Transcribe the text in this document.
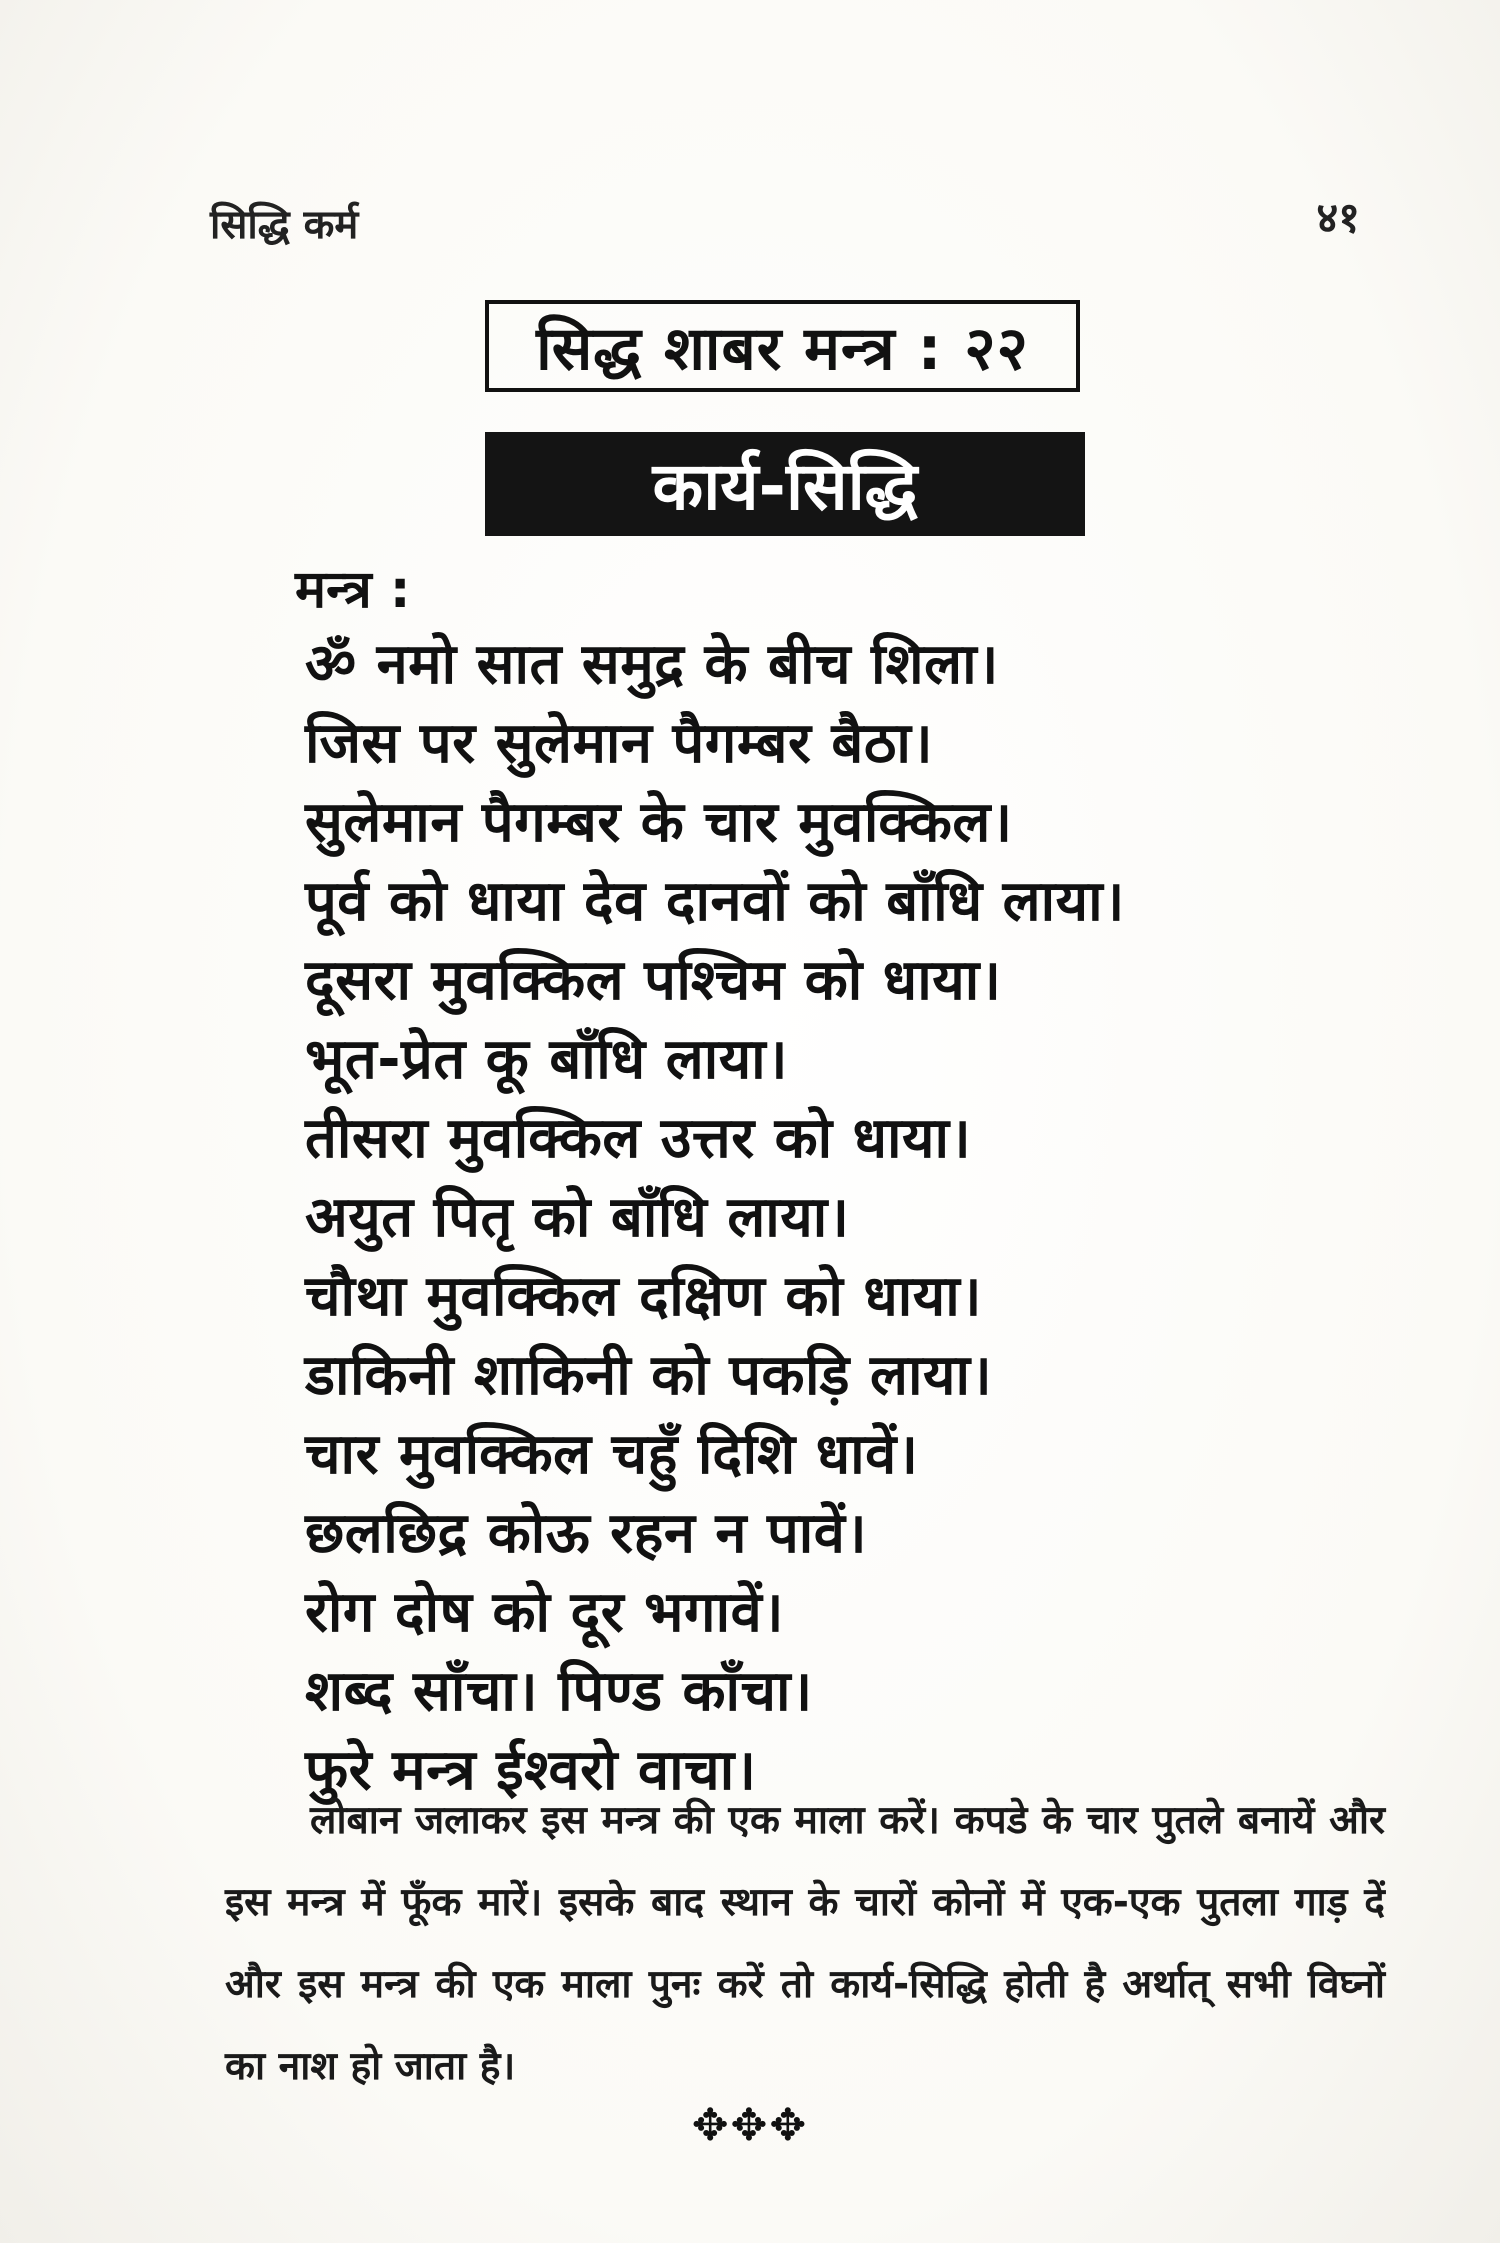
सिद्धि कर्म	४१
सिद्ध शाबर मन्त्र : २२
कार्य-सिद्धि
मन्त्र :
ॐ नमो सात समुद्र के बीच शिला।
जिस पर सुलेमान पैगम्बर बैठा।
सुलेमान पैगम्बर के चार मुवक्किल।
पूर्व को धाया देव दानवों को बाँधि लाया।
दूसरा मुवक्किल पश्चिम को धाया।
भूत-प्रेत कू बाँधि लाया।
तीसरा मुवक्किल उत्तर को धाया।
अयुत पितृ को बाँधि लाया।
चौथा मुवक्किल दक्षिण को धाया।
डाकिनी शाकिनी को पकड़ि लाया।
चार मुवक्किल चहुँ दिशि धावें।
छलछिद्र कोऊ रहन न पावें।
रोग दोष को दूर भगावें।
शब्द साँचा। पिण्ड काँचा।
फुरे मन्त्र ईश्वरो वाचा।

लोबान जलाकर इस मन्त्र की एक माला करें। कपडे के चार पुतले बनायें और इस मन्त्र में फूँक मारें। इसके बाद स्थान के चारों कोनों में एक-एक पुतला गाड़ दें और इस मन्त्र की एक माला पुनः करें तो कार्य-सिद्धि होती है अर्थात् सभी विघ्नों का नाश हो जाता है।

✥✥✥
